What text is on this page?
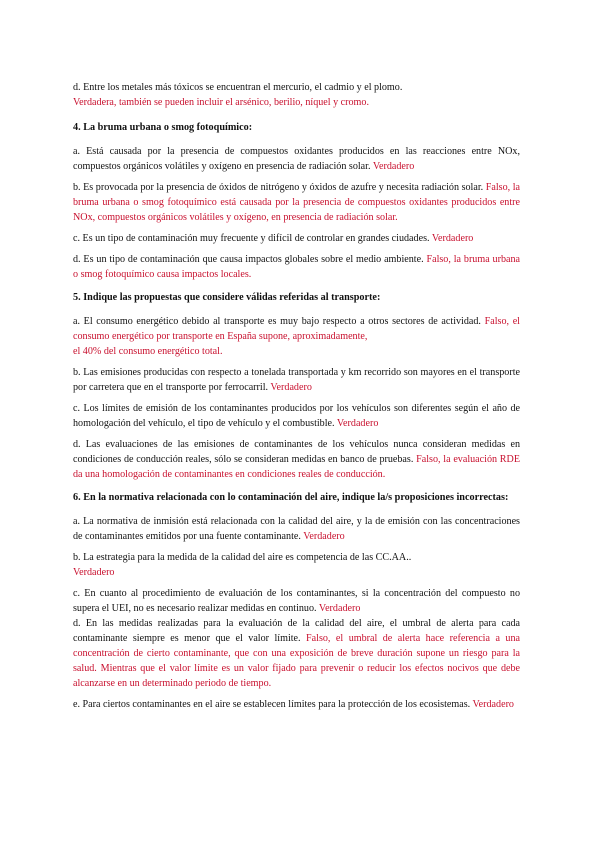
d. Entre los metales más tóxicos se encuentran el mercurio, el cadmio y el plomo.
Verdadera, también se pueden incluir el arsénico, berilio, níquel y cromo.

4. La bruma urbana o smog fotoquímico:

a. Está causada por la presencia de compuestos oxidantes producidos en las reacciones entre NOx, compuestos orgánicos volátiles y oxígeno en presencia de radiación solar. Verdadero

b. Es provocada por la presencia de óxidos de nitrógeno y óxidos de azufre y necesita radiación solar. Falso, la bruma urbana o smog fotoquímico está causada por la presencia de compuestos oxidantes producidos entre NOx, compuestos orgánicos volátiles y oxígeno, en presencia de radiación solar.

c. Es un tipo de contaminación muy frecuente y difícil de controlar en grandes ciudades. Verdadero

d. Es un tipo de contaminación que causa impactos globales sobre el medio ambiente. Falso, la bruma urbana o smog fotoquímico causa impactos locales.

5. Indique las propuestas que considere válidas referidas al transporte:

a. El consumo energético debido al transporte es muy bajo respecto a otros sectores de actividad. Falso, el consumo energético por transporte en España supone, aproximadamente,
el 40% del consumo energético total.

b. Las emisiones producidas con respecto a tonelada transportada y km recorrido son mayores en el transporte por carretera que en el transporte por ferrocarril. Verdadero

c. Los límites de emisión de los contaminantes producidos por los vehículos son diferentes según el año de homologación del vehículo, el tipo de vehículo y el combustible. Verdadero

d. Las evaluaciones de las emisiones de contaminantes de los vehículos nunca consideran medidas en condiciones de conducción reales, sólo se consideran medidas en banco de pruebas. Falso, la evaluación RDE da una homologación de contaminantes en condiciones reales de conducción.

6. En la normativa relacionada con lo contaminación del aire, indique la/s proposiciones incorrectas:

a. La normativa de inmisión está relacionada con la calidad del aire, y la de emisión con las concentraciones de contaminantes emitidos por una fuente contaminante. Verdadero

b. La estrategia para la medida de la calidad del aire es competencia de las CC.AA..
Verdadero

c. En cuanto al procedimiento de evaluación de los contaminantes, si la concentración del compuesto no supera el UEI, no es necesario realizar medidas en continuo. Verdadero

d. En las medidas realizadas para la evaluación de la calidad del aire, el umbral de alerta para cada contaminante siempre es menor que el valor límite. Falso, el umbral de alerta hace referencia a una concentración de cierto contaminante, que con una exposición de breve duración supone un riesgo para la salud. Mientras que el valor límite es un valor fijado para prevenir o reducir los efectos nocivos que debe alcanzarse en un determinado periodo de tiempo.

e. Para ciertos contaminantes en el aire se establecen límites para la protección de los ecosistemas. Verdadero
